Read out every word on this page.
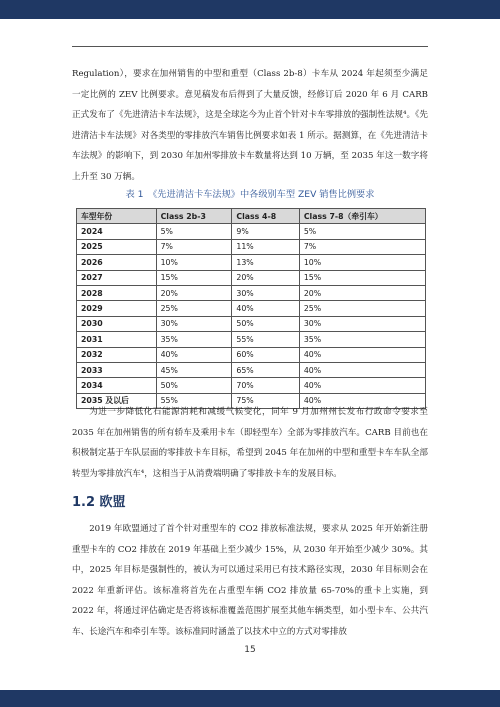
Regulation），要求在加州销售的中型和重型（Class 2b-8）卡车从 2024 年起须至少满足一定比例的 ZEV 比例要求。意见稿发布后得到了大量反馈，经修订后 2020 年 6 月 CARB 正式发布了《先进清洁卡车法规》，这是全球迄今为止首个针对卡车零排放的强制性法规⁴。《先进清洁卡车法规》对各类型的零排放汽车销售比例要求如表 1 所示。据测算，在《先进清洁卡车法规》的影响下，到 2030 年加州零排放卡车数量将达到 10 万辆，至 2035 年这一数字将上升至 30 万辆。

表 1　《先进清洁卡车法规》中各级别车型 ZEV 销售比例要求
车型年份	Class 2b-3	Class 4-8	Class 7-8（牵引车）
2024	5%	9%	5%
2025	7%	11%	7%
2026	10%	13%	10%
2027	15%	20%	15%
2028	20%	30%	20%
2029	25%	40%	25%
2030	30%	50%	30%
2031	35%	55%	35%
2032	40%	60%	40%
2033	45%	65%	40%
2034	50%	70%	40%
2035 及以后	55%	75%	40%

为进一步降低化石能源消耗和减缓气候变化，同年 9 月加州州长发布行政命令要求至 2035 年在加州销售的所有轿车及乘用卡车（即轻型车）全部为零排放汽车。CARB 目前也在积极制定基于车队层面的零排放卡车目标，希望到 2045 年在加州的中型和重型卡车车队全部转型为零排放汽车⁴，这相当于从消费端明确了零排放卡车的发展目标。

1.2 欧盟

2019 年欧盟通过了首个针对重型车的 CO2 排放标准法规，要求从 2025 年开始新注册重型卡车的 CO2 排放在 2019 年基础上至少减少 15%，从 2030 年开始至少减少 30%。其中，2025 年目标是强制性的，被认为可以通过采用已有技术路径实现，2030 年目标则会在 2022 年重新评估。该标准将首先在占重型车辆 CO2 排放量 65-70%的重卡上实施，到 2022 年，将通过评估确定是否将该标准覆盖范围扩展至其他车辆类型，如小型卡车、公共汽车、长途汽车和牵引车等。该标准同时涵盖了以技术中立的方式对零排放

15
